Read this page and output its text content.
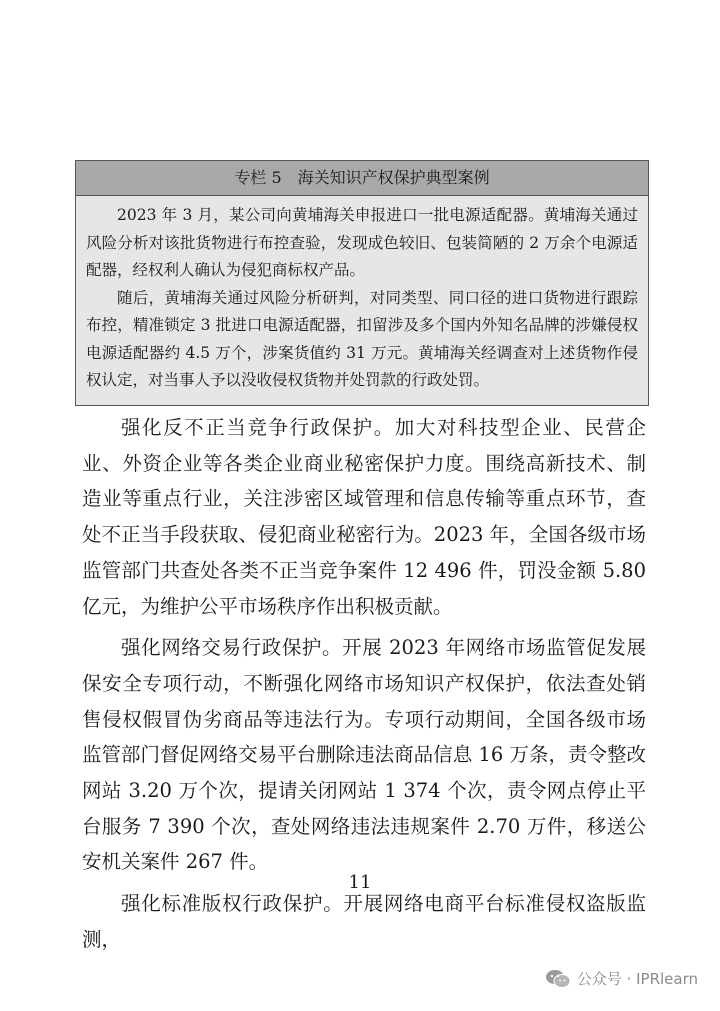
专栏 5　海关知识产权保护典型案例

2023 年 3 月，某公司向黄埔海关申报进口一批电源适配器。黄埔海关通过风险分析对该批货物进行布控查验，发现成色较旧、包装简陋的 2 万余个电源适配器，经权利人确认为侵犯商标权产品。

随后，黄埔海关通过风险分析研判，对同类型、同口径的进口货物进行跟踪布控，精准锁定 3 批进口电源适配器，扣留涉及多个国内外知名品牌的涉嫌侵权电源适配器约 4.5 万个，涉案货值约 31 万元。黄埔海关经调查对上述货物作侵权认定，对当事人予以没收侵权货物并处罚款的行政处罚。

强化反不正当竞争行政保护。加大对科技型企业、民营企业、外资企业等各类企业商业秘密保护力度。围绕高新技术、制造业等重点行业，关注涉密区域管理和信息传输等重点环节，查处不正当手段获取、侵犯商业秘密行为。2023 年，全国各级市场监管部门共查处各类不正当竞争案件 12 496 件，罚没金额 5.80 亿元，为维护公平市场秩序作出积极贡献。

强化网络交易行政保护。开展 2023 年网络市场监管促发展保安全专项行动，不断强化网络市场知识产权保护，依法查处销售侵权假冒伪劣商品等违法行为。专项行动期间，全国各级市场监管部门督促网络交易平台删除违法商品信息 16 万条，责令整改网站 3.20 万个次，提请关闭网站 1 374 个次，责令网点停止平台服务 7 390 个次，查处网络违法违规案件 2.70 万件，移送公安机关案件 267 件。

强化标准版权行政保护。开展网络电商平台标准侵权盗版监测，

11
公众号 · IPRlearn
